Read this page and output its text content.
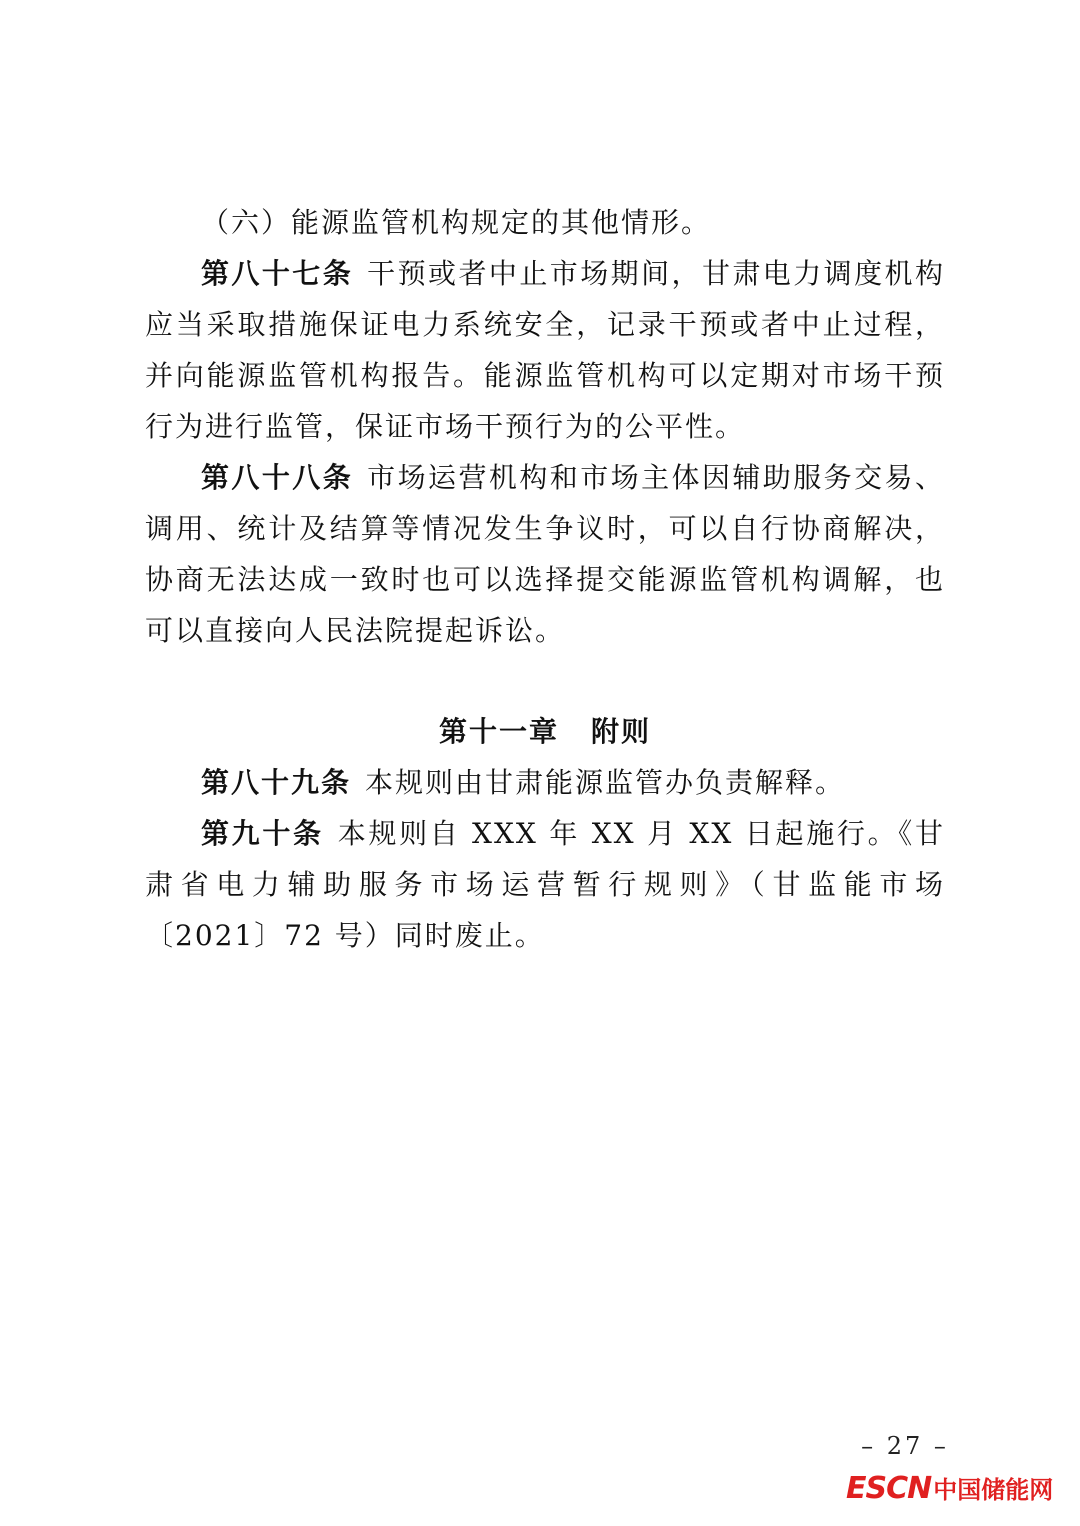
（六）能源监管机构规定的其他情形。

第八十七条 干预或者中止市场期间，甘肃电力调度机构应当采取措施保证电力系统安全，记录干预或者中止过程，并向能源监管机构报告。能源监管机构可以定期对市场干预行为进行监管，保证市场干预行为的公平性。

第八十八条 市场运营机构和市场主体因辅助服务交易、调用、统计及结算等情况发生争议时，可以自行协商解决，协商无法达成一致时也可以选择提交能源监管机构调解，也可以直接向人民法院提起诉讼。

第十一章 附则

第八十九条 本规则由甘肃能源监管办负责解释。

第九十条 本规则自 XXX 年 XX 月 XX 日起施行。《甘肃省电力辅助服务市场运营暂行规则》（甘监能市场〔2021〕72 号）同时废止。

– 27 –
ESCN中国储能网
